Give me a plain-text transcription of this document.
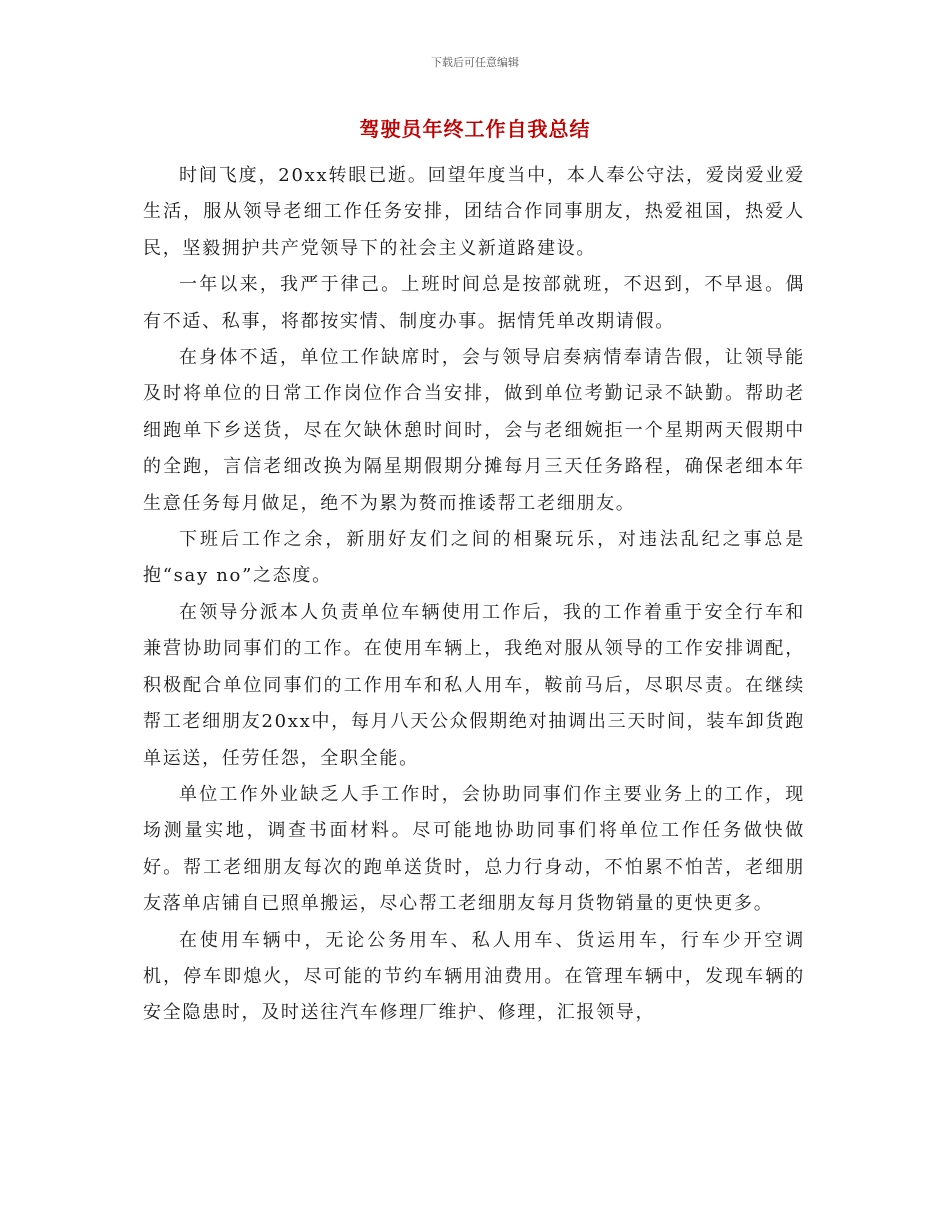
下载后可任意编辑
驾驶员年终工作自我总结

时间飞度，20xx转眼已逝。回望年度当中，本人奉公守法，爱岗爱业爱生活，服从领导老细工作任务安排，团结合作同事朋友，热爱祖国，热爱人民，坚毅拥护共产党领导下的社会主义新道路建设。

一年以来，我严于律己。上班时间总是按部就班，不迟到，不早退。偶有不适、私事，将都按实情、制度办事。据情凭单改期请假。

在身体不适，单位工作缺席时，会与领导启奏病情奉请告假，让领导能及时将单位的日常工作岗位作合当安排，做到单位考勤记录不缺勤。帮助老细跑单下乡送货，尽在欠缺休憩时间时，会与老细婉拒一个星期两天假期中的全跑，言信老细改换为隔星期假期分摊每月三天任务路程，确保老细本年生意任务每月做足，绝不为累为赘而推诿帮工老细朋友。

下班后工作之余，新朋好友们之间的相聚玩乐，对违法乱纪之事总是抱“say no”之态度。

在领导分派本人负责单位车辆使用工作后，我的工作着重于安全行车和兼营协助同事们的工作。在使用车辆上，我绝对服从领导的工作安排调配，积极配合单位同事们的工作用车和私人用车，鞍前马后，尽职尽责。在继续帮工老细朋友20xx中，每月八天公众假期绝对抽调出三天时间，装车卸货跑单运送，任劳任怨，全职全能。

单位工作外业缺乏人手工作时，会协助同事们作主要业务上的工作，现场测量实地，调查书面材料。尽可能地协助同事们将单位工作任务做快做好。帮工老细朋友每次的跑单送货时，总力行身动，不怕累不怕苦，老细朋友落单店铺自已照单搬运，尽心帮工老细朋友每月货物销量的更快更多。

在使用车辆中，无论公务用车、私人用车、货运用车，行车少开空调机，停车即熄火，尽可能的节约车辆用油费用。在管理车辆中，发现车辆的安全隐患时，及时送往汽车修理厂维护、修理，汇报领导，
